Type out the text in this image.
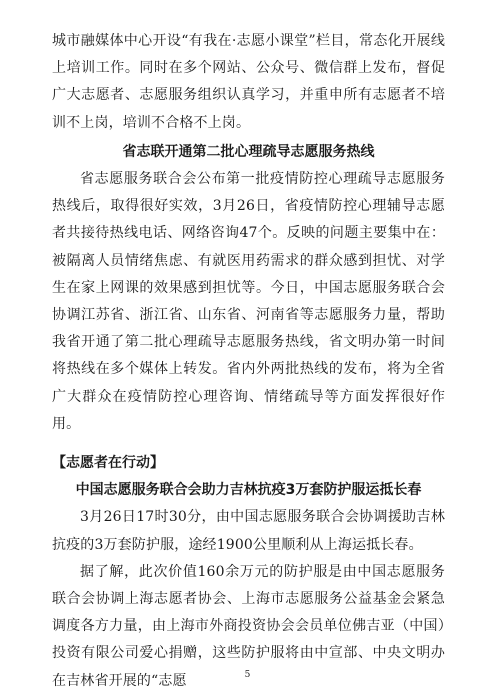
城市融媒体中心开设“有我在·志愿小课堂”栏目，常态化开展线上培训工作。同时在多个网站、公众号、微信群上发布，督促广大志愿者、志愿服务组织认真学习，并重申所有志愿者不培训不上岗，培训不合格不上岗。

省志联开通第二批心理疏导志愿服务热线

省志愿服务联合会公布第一批疫情防控心理疏导志愿服务热线后，取得很好实效，3月26日，省疫情防控心理辅导志愿者共接待热线电话、网络咨询47个。反映的问题主要集中在：被隔离人员情绪焦虑、有就医用药需求的群众感到担忧、对学生在家上网课的效果感到担忧等。今日，中国志愿服务联合会协调江苏省、浙江省、山东省、河南省等志愿服务力量，帮助我省开通了第二批心理疏导志愿服务热线，省文明办第一时间将热线在多个媒体上转发。省内外两批热线的发布，将为全省广大群众在疫情防控心理咨询、情绪疏导等方面发挥很好作用。

【志愿者在行动】

中国志愿服务联合会助力吉林抗疫3万套防护服运抵长春

3月26日17时30分，由中国志愿服务联合会协调援助吉林抗疫的3万套防护服，途经1900公里顺利从上海运抵长春。

据了解，此次价值160余万元的防护服是由中国志愿服务联合会协调上海志愿者协会、上海市志愿服务公益基金会紧急调度各方力量，由上海市外商投资协会会员单位佛吉亚（中国）投资有限公司爱心捐赠，这些防护服将由中宣部、中央文明办在吉林省开展的“志愿	5
